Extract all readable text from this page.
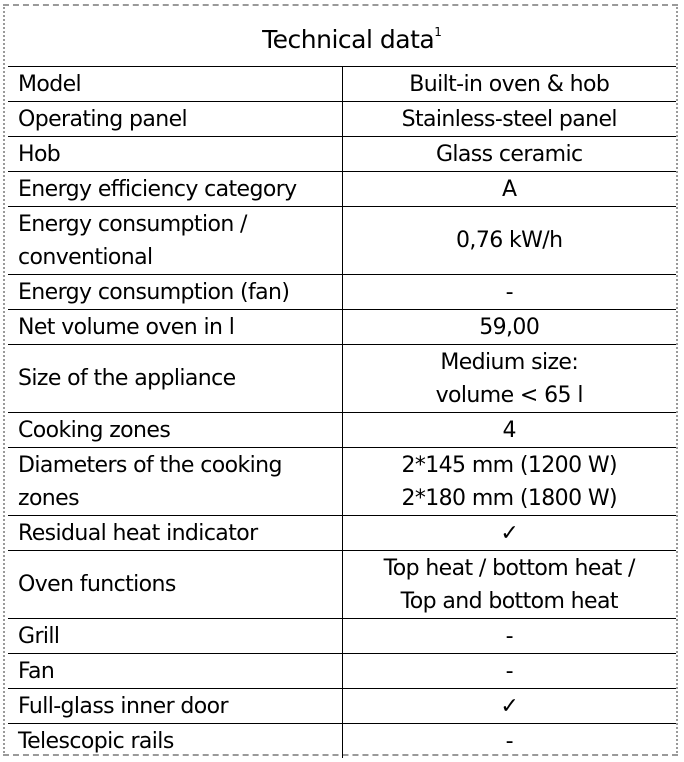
Technical data$^1$
Model	Built-in oven & hob
Operating panel	Stainless-steel panel
Hob	Glass ceramic
Energy efficiency category	A
Energy consumption /
conventional	0,76 kW/h
Energy consumption (fan)	-
Net volume oven in l	59,00
Size of the appliance	Medium size:
volume < 65 l
Cooking zones	4
Diameters of the cooking zones	2*145 mm (1200 W)
2*180 mm (1800 W)
Residual heat indicator	✓
Oven functions	Top heat / bottom heat /
Top and bottom heat
Grill	-
Fan	-
Full-glass inner door	✓
Telescopic rails	-
